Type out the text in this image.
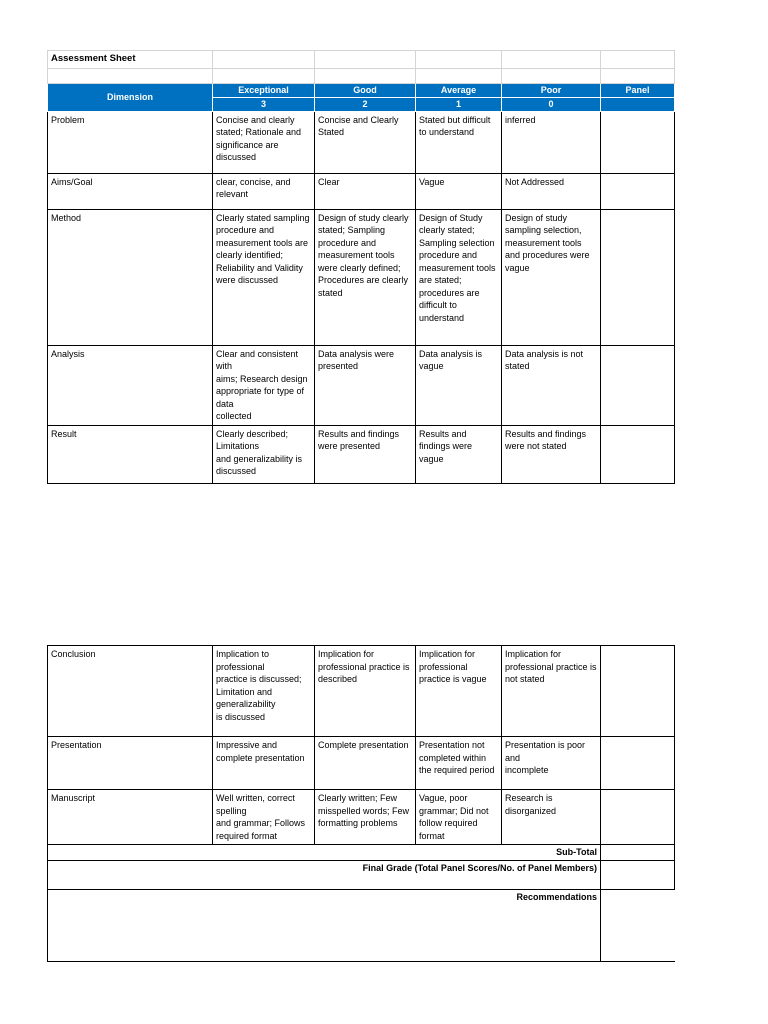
Assessment Sheet					

Dimension	Exceptional	Good	Average	Poor	Panel
	3	2	1	0	
Problem	Concise and clearly stated; Rationale and significance are discussed	Concise and Clearly Stated	Stated but difficult to understand	inferred	
Aims/Goal	clear, concise, and relevant	Clear	Vague	Not Addressed	
Method	Clearly stated sampling procedure and measurement tools are clearly identified; Reliability and Validity were discussed	Design of study clearly stated; Sampling procedure and measurement tools were clearly defined; Procedures are clearly stated	Design of Study clearly stated; Sampling selection procedure and measurement tools are stated; procedures are difficult to understand	Design of study sampling selection, measurement tools and procedures were vague	
Analysis	Clear and consistent with
aims; Research design appropriate for type of data
collected	Data analysis were presented	Data analysis is vague	Data analysis is not stated	
Result	Clearly described; Limitations
and generalizability is discussed	Results and findings were presented	Results and findings were vague	Results and findings were not stated	
Conclusion	Implication to professional
practice is discussed; Limitation and generalizability
is discussed	Implication for professional practice is described	Implication for professional practice is vague	Implication for professional practice is not stated	
Presentation	Impressive and complete presentation	Complete presentation	Presentation not completed within the required period	Presentation is poor and
incomplete	
Manuscript	Well written, correct spelling
and grammar; Follows required format	Clearly written; Few misspelled words; Few
formatting problems	Vague, poor grammar; Did not follow required format	Research is disorganized	
Sub-Total					
Final Grade (Total Panel Scores/No. of Panel Members)					
Recommendations					
